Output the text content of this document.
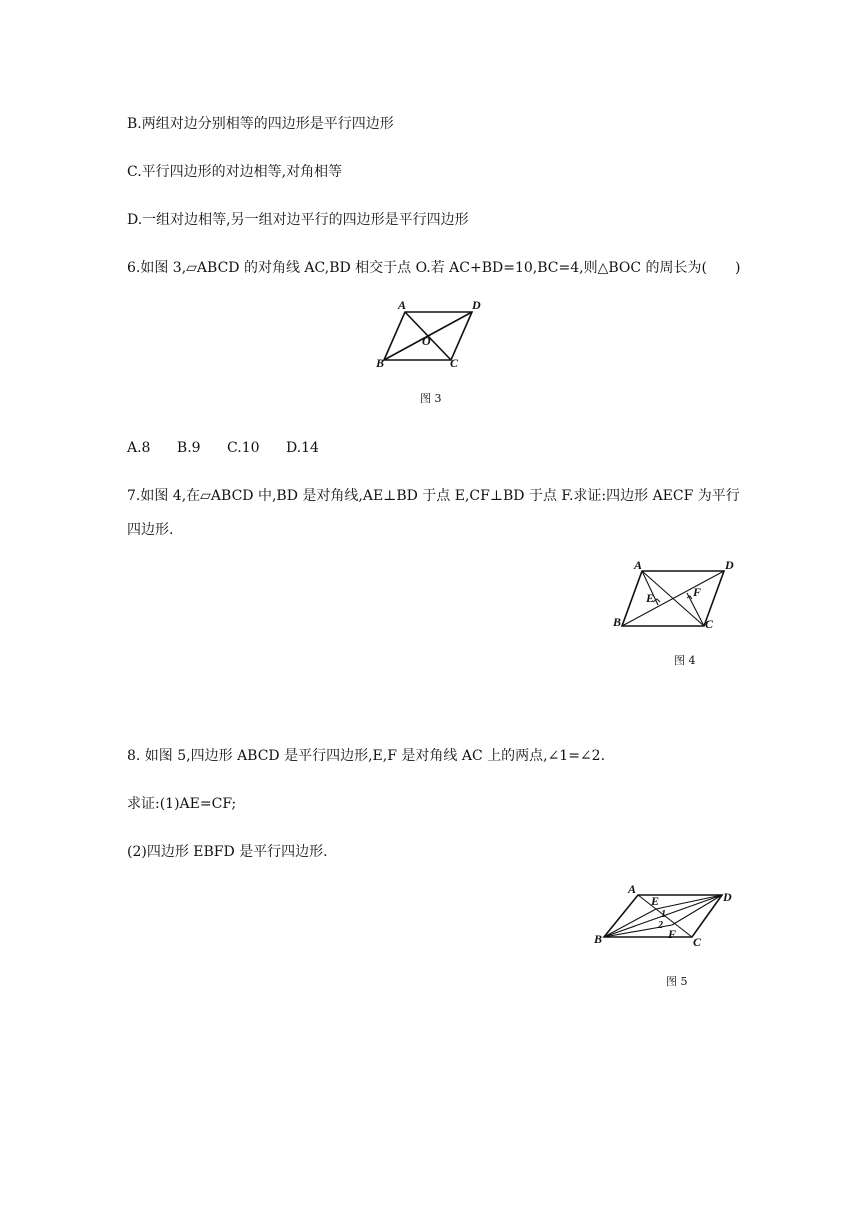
B.两组对边分别相等的四边形是平行四边形
C.平行四边形的对边相等,对角相等
D.一组对边相等,另一组对边平行的四边形是平行四边形
6.如图 3,▱ABCD 的对角线 AC,BD 相交于点 O.若 AC+BD=10,BC=4,则△BOC 的周长为(　　)
A	D
O
B	C
图 3
A.8 B.9 C.10 D.14
7.如图 4,在▱ABCD 中,BD 是对角线,AE⊥BD 于点 E,CF⊥BD 于点 F.求证:四边形 AECF 为平行
四边形.
A	D
E	F
B	C
图 4
8. 如图 5,四边形 ABCD 是平行四边形,E,F 是对角线 AC 上的两点,∠1=∠2.
求证:(1)AE=CF;
(2)四边形 EBFD 是平行四边形.
A
D
E
1
2
F
B	C
图 5
